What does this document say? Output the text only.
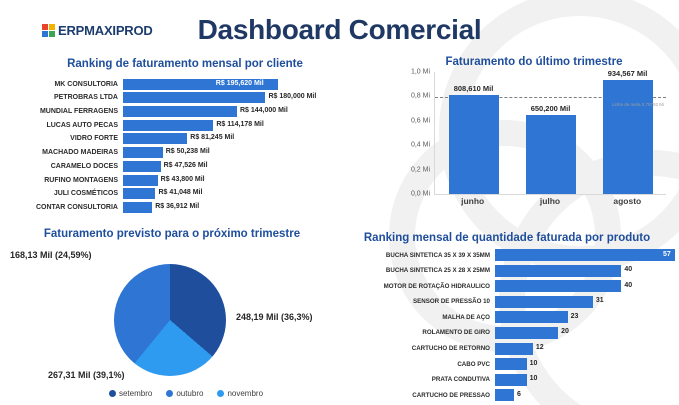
ERPMAXIPROD	Dashboard Comercial
Ranking de faturamento mensal por cliente
MK CONSULTORIA	R$ 195,620 Mil
PETROBRAS LTDA	R$ 180,000 Mil
MUNDIAL FERRAGENS	R$ 144,000 Mil
LUCAS AUTO PECAS	R$ 114,178 Mil
VIDRO FORTE	R$ 81,245 Mil
MACHADO MADEIRAS	R$ 50,238 Mil
CARAMELO DOCES	R$ 47,526 Mil
RUFINO MONTAGENS	R$ 43,800 Mil
JULI COSMÉTICOS	R$ 41,048 Mil
CONTAR CONSULTORIA	R$ 36,912 Mil
Faturamento do último trimestre
0,0 Mi
0,2 Mi
0,4 Mi
0,6 Mi
0,8 Mi
1,0 Mi
808,610 Mil
650,200 Mil
934,567 Mil
Linha de meta 0,79792 Mi
junho	julho	agosto
Faturamento previsto para o próximo trimestre
168,13 Mil (24,59%)
248,19 Mil (36,3%)
267,31 Mil (39,1%)
setembro	outubro	novembro
Ranking mensal de quantidade faturada por produto
BUCHA SINTETICA 35 X 39 X 35MM	57
BUCHA SINTETICA 25 X 28 X 25MM	40
MOTOR DE ROTAÇÃO HIDRAULICO	40
SENSOR DE PRESSÃO 10	31
MALHA DE AÇO	23
ROLAMENTO DE GIRO	20
CARTUCHO DE RETORNO	12
CABO PVC	10
PRATA CONDUTIVA	10
CARTUCHO DE PRESSAO	6
